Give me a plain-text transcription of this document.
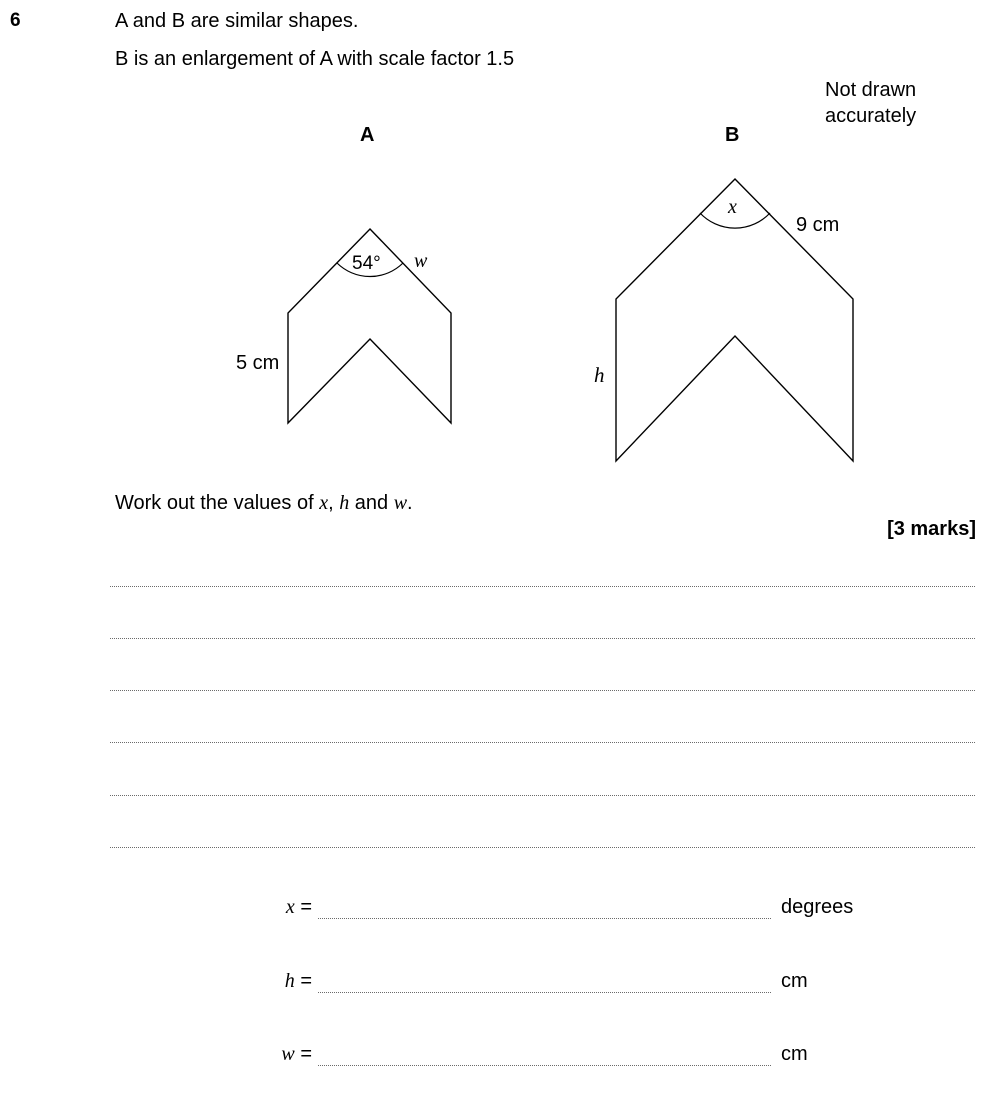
6	A and B are similar shapes.
B is an enlargement of A with scale factor 1.5
Not drawn accurately
A	B
54° w
5 cm
x
9 cm
h
Work out the values of x, h and w.
[3 marks]
x =	degrees
h =	cm
w =	cm
